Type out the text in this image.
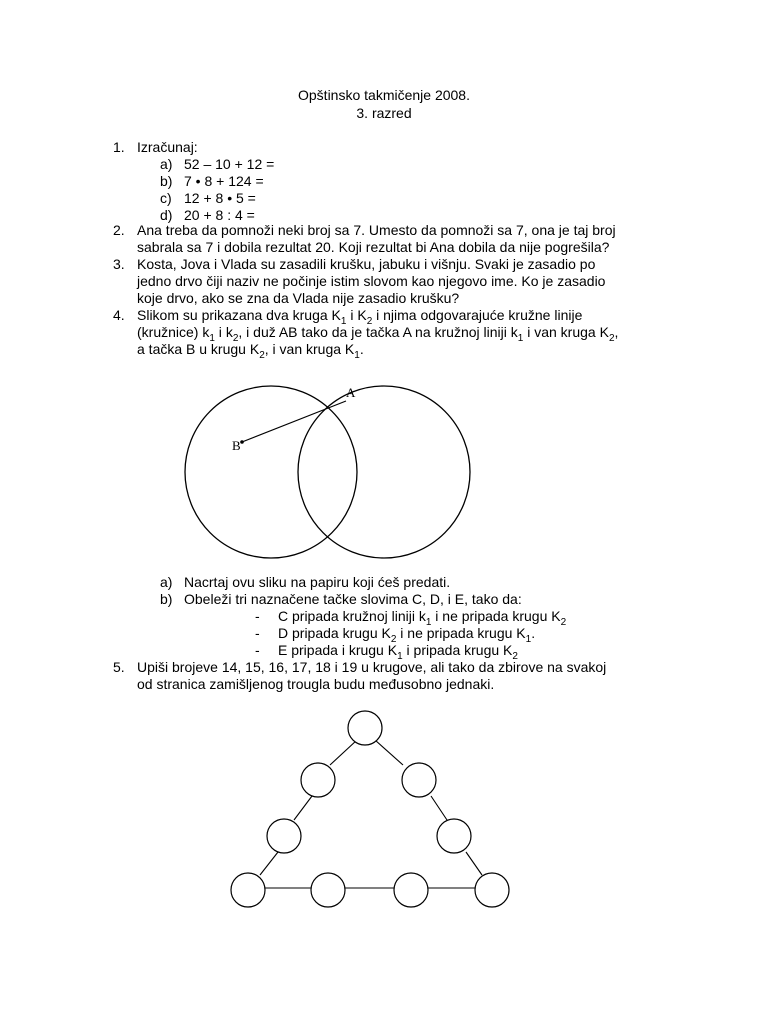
Opštinsko takmičenje 2008.
3. razred
1. Izračunaj:
a) 52 – 10 + 12 =
b) 7 • 8 + 124 =
c) 12 + 8 • 5 =
d) 20 + 8 : 4 =
2. Ana treba da pomnoži neki broj sa 7. Umesto da pomnoži sa 7, ona je taj broj
sabrala sa 7 i dobila rezultat 20. Koji rezultat bi Ana dobila da nije pogrešila?
3. Kosta, Jova i Vlada su zasadili krušku, jabuku i višnju. Svaki je zasadio po
jedno drvo čiji naziv ne počinje istim slovom kao njegovo ime. Ko je zasadio
koje drvo, ako se zna da Vlada nije zasadio krušku?
4. Slikom su prikazana dva kruga $K_1$ i $K_2$ i njima odgovarajuće kružne linije
(kružnice) $k_1$ i $k_2$, i duž AB tako da je tačka A na kružnoj liniji $k_1$ i van kruga $K_2$,
a tačka B u krugu $K_2$, i van kruga $K_1$.
A
B
a) Nacrtaj ovu sliku na papiru koji ćeš predati.
b) Obeleži tri naznačene tačke slovima C, D, i E, tako da:
- C pripada kružnoj liniji $k_1$ i ne pripada krugu $K_2$
- D pripada krugu $K_2$ i ne pripada krugu $K_1$.
- E pripada i krugu $K_1$ i pripada krugu $K_2$
5. Upiši brojeve 14, 15, 16, 17, 18 i 19 u krugove, ali tako da zbirove na svakoj
od stranica zamišljenog trougla budu međusobno jednaki.
